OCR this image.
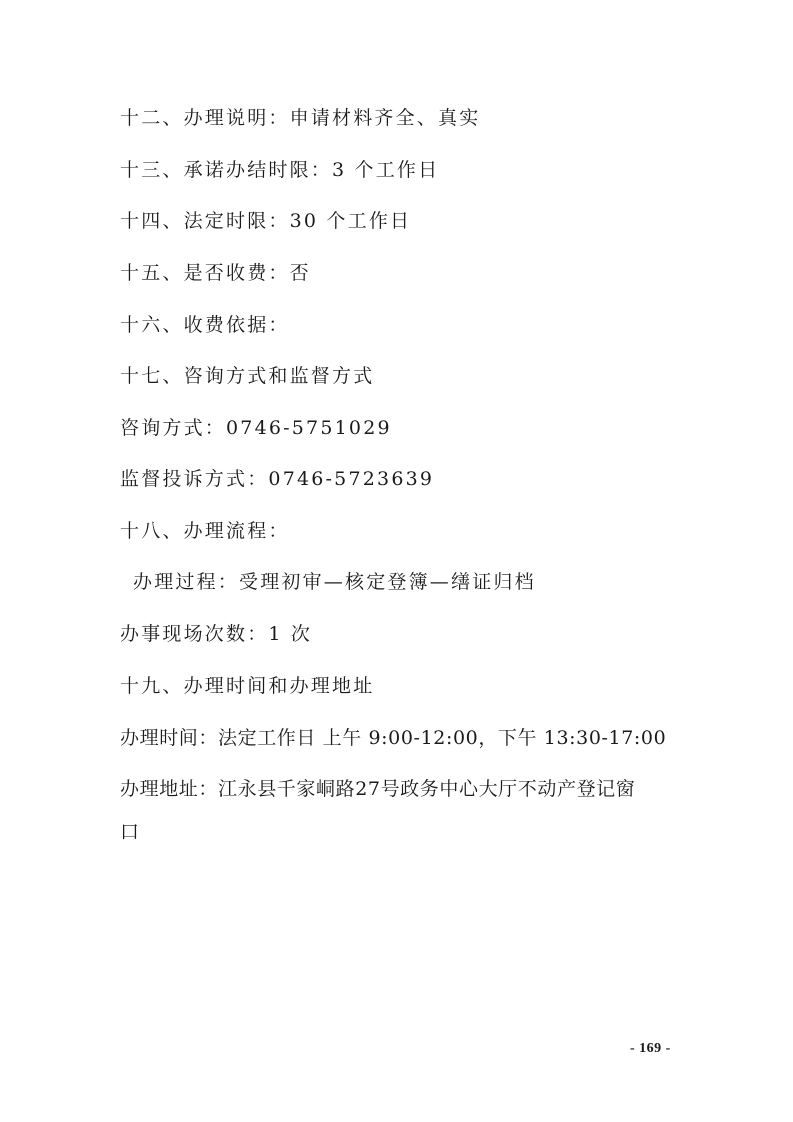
十二、办理说明：申请材料齐全、真实
十三、承诺办结时限：3 个工作日
十四、法定时限：30 个工作日
十五、是否收费：否
十六、收费依据：
十七、咨询方式和监督方式
咨询方式：0746-5751029
监督投诉方式：0746-5723639
十八、办理流程：
办理过程：受理初审—核定登簿—缮证归档
办事现场次数：1 次
十九、办理时间和办理地址
办理时间：法定工作日 上午 9:00-12:00，下午 13:30-17:00
办理地址：江永县千家峒路27号政务中心大厅不动产登记窗
口
- 169 -
